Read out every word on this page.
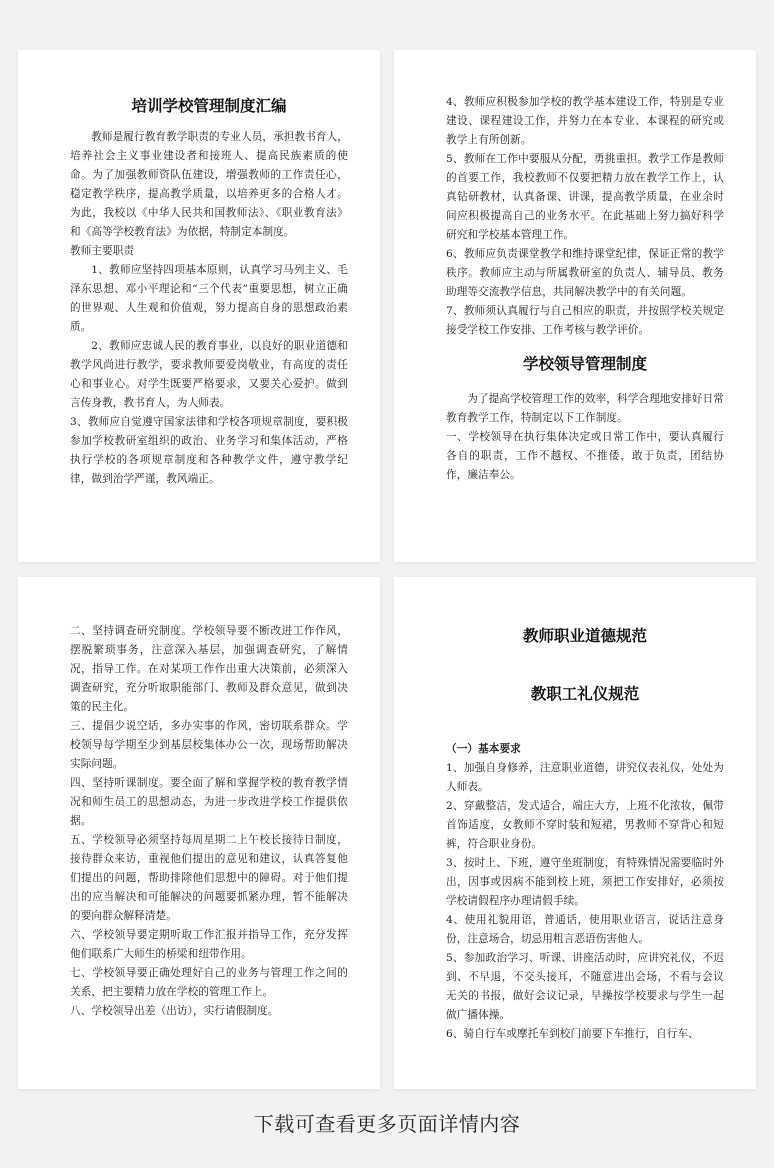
培训学校管理制度汇编

教师是履行教育教学职责的专业人员，承担教书育人，培养社会主义事业建设者和接班人、提高民族素质的使命。为了加强教师资队伍建设，增强教师的工作责任心，稳定教学秩序，提高教学质量，以培养更多的合格人才。为此，我校以《中华人民共和国教师法》、《职业教育法》和《高等学校教育法》为依据，特制定本制度。

教师主要职责

1、教师应坚持四项基本原则，认真学习马列主义、毛泽东思想、邓小平理论和“三个代表”重要思想，树立正确的世界观、人生观和价值观，努力提高自身的思想政治素质。

2、教师应忠诚人民的教育事业，以良好的职业道德和教学风尚进行教学，要求教师要爱岗敬业，有高度的责任心和事业心。对学生既要严格要求，又要关心爱护。做到言传身教，教书育人，为人师表。

3、教师应自觉遵守国家法律和学校各项规章制度，要积极参加学校教研室组织的政治、业务学习和集体活动，严格执行学校的各项规章制度和各种教学文件，遵守教学纪律，做到治学严谨，教风端正。

4、教师应积极参加学校的教学基本建设工作，特别是专业建设、课程建设工作，并努力在本专业、本课程的研究或教学上有所创新。

5、教师在工作中要服从分配，勇挑重担。教学工作是教师的首要工作，我校教师不仅要把精力放在教学工作上，认真钻研教材，认真备课、讲课，提高教学质量，在业余时间应积极提高自己的业务水平。在此基础上努力搞好科学研究和学校基本管理工作。

6、教师应负责课堂教学和维持课堂纪律，保证正常的教学秩序。教师应主动与所属教研室的负责人、辅导员、教务助理等交流教学信息，共同解决教学中的有关问题。

7、教师须认真履行与自己相应的职责，并按照学校关规定接受学校工作安排、工作考核与教学评价。

学校领导管理制度

为了提高学校管理工作的效率，科学合理地安排好日常教育教学工作，特制定以下工作制度。

一、学校领导在执行集体决定或日常工作中，要认真履行各自的职责，工作不越权、不推倭，敢于负责，团结协作，廉洁奉公。

二、坚持调查研究制度。学校领导要不断改进工作作风，摆脱繁琐事务，注意深入基层，加强调查研究，了解情况，指导工作。在对某项工作作出重大决策前，必须深入调查研究，充分听取职能部门、教师及群众意见，做到决策的民主化。

三、提倡少说空话，多办实事的作风，密切联系群众。学校领导每学期至少到基层校集体办公一次，现场帮助解决实际问题。

四、坚持听课制度。要全面了解和掌握学校的教育教学情况和师生员工的思想动态，为进一步改进学校工作提供依据。

五、学校领导必须坚持每周星期二上午校长接待日制度，接待群众来访，重视他们提出的意见和建议，认真答复他们提出的问题，帮助排除他们思想中的障碍。对于他们提出的应当解决和可能解决的问题要抓紧办理，暂不能解决的要向群众解释清楚。

六、学校领导要定期听取工作汇报并指导工作，充分发挥他们联系广大师生的桥梁和纽带作用。

七、学校领导要正确处理好自己的业务与管理工作之间的关系，把主要精力放在学校的管理工作上。

八、学校领导出差（出访），实行请假制度。

教师职业道德规范
教职工礼仪规范

（一）基本要求

1、加强自身修养，注意职业道德，讲究仪表礼仪，处处为人师表。

2、穿戴整洁，发式适合，端庄大方，上班不化浓妆，佩带首饰适度，女教师不穿时装和短裙，男教师不穿背心和短裤，符合职业身份。

3、按时上、下班，遵守坐班制度，有特殊情况需要临时外出，因事或因病不能到校上班，须把工作安排好，必须按学校请假程序办理请假手续。

4、使用礼貌用语，普通话，使用职业语言，说话注意身份，注意场合，切忌用粗言恶语伤害他人。

5、参加政治学习、听课、讲座活动时，应讲究礼仪，不迟到、不早退，不交头接耳，不随意进出会场，不看与会议无关的书报，做好会议记录，早操按学校要求与学生一起做广播体操。

6、骑自行车或摩托车到校门前要下车推行，自行车、

下载可查看更多页面详情内容
